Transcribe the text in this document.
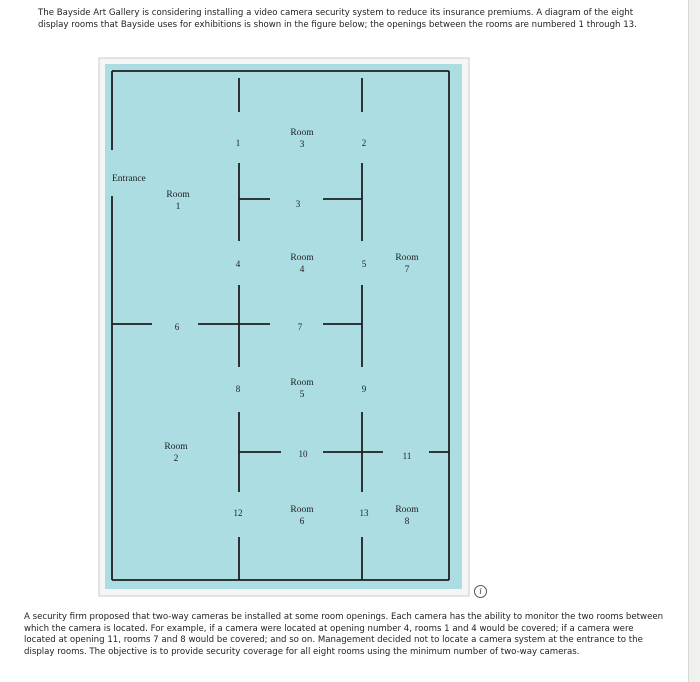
The Bayside Art Gallery is considering installing a video camera security system to reduce its insurance premiums. A diagram of the eight display rooms that Bayside uses for exhibitions is shown in the figure below; the openings between the rooms are numbered 1 through 13.

Entrance
Room
1
Room
2
Room
3
Room
4
Room
5
Room
6
Room
7
Room
8
1	2
3
4	5
6	7
8	9
10	11
12	13
i

A security firm proposed that two-way cameras be installed at some room openings. Each camera has the ability to monitor the two rooms between which the camera is located. For example, if a camera were located at opening number 4, rooms 1 and 4 would be covered; if a camera were located at opening 11, rooms 7 and 8 would be covered; and so on. Management decided not to locate a camera system at the entrance to the display rooms. The objective is to provide security coverage for all eight rooms using the minimum number of two-way cameras.
